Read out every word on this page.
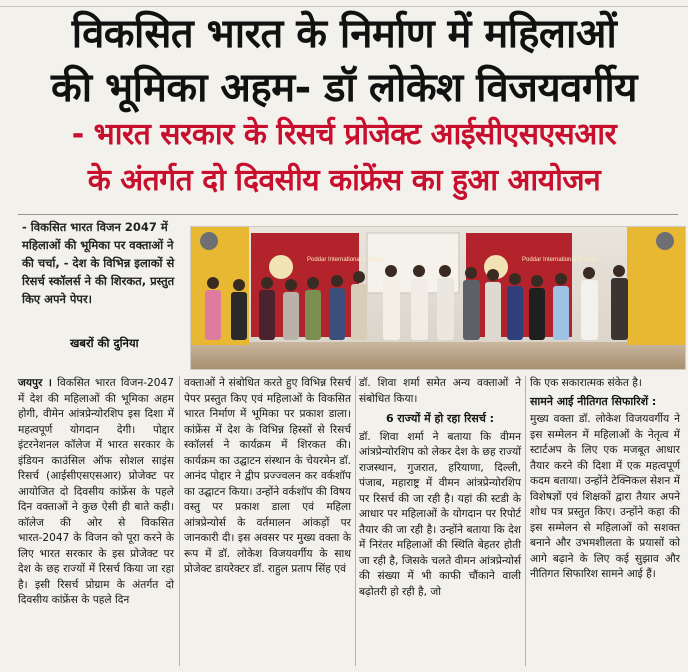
विकसित भारत के निर्माण में महिलाओं
की भूमिका अहम- डॉ लोकेश विजयवर्गीय
- भारत सरकार के रिसर्च प्रोजेक्ट आईसीएसएसआर
के अंतर्गत दो दिवसीय कांफ्रेंस का हुआ आयोजन

- विकसित भारत विजन 2047 में महिलाओं की भूमिका पर वक्ताओं ने की चर्चा, - देश के विभिन्न इलाकों से रिसर्च स्कॉलर्स ने की शिरकत, प्रस्तुत किए अपने पेपर।

खबरों की दुनिया
Poddar International College	Poddar International College

जयपुर । विकसित भारत विजन-2047 में देश की महिलाओं की भूमिका अहम होगी, वीमेन आंत्रप्रेन्योरशिप इस दिशा में महत्वपूर्ण योगदान देगी। पोद्दार इंटरनेशनल कॉलेज में भारत सरकार के इंडियन काउंसिल ऑफ सोशल साइंस रिसर्च (आईसीएसएसआर) प्रोजेक्ट पर आयोजित दो दिवसीय कांफ्रेंस के पहले दिन वक्ताओं ने कुछ ऐसी ही बाते कही। कॉलेज की ओर से विकसित भारत-2047 के विजन को पूरा करने के लिए भारत सरकार के इस प्रोजेक्ट पर देश के छह राज्यों में रिसर्च किया जा रहा है। इसी रिसर्च प्रोग्राम के अंतर्गत दो दिवसीय कांफ्रेंस के पहले दिन

वक्ताओं ने संबोधित करते हुए विभिन्न रिसर्च पेपर प्रस्तुत किए एवं महिलाओं के विकसित भारत निर्माण में भूमिका पर प्रकाश डाला। कांफ्रेंस में देश के विभिन्न हिस्सों से रिसर्च स्कॉलर्स ने कार्यक्रम में शिरकत की। कार्यक्रम का उद्घाटन संस्थान के चेयरमेन डॉ. आनंद पोद्दार ने द्वीप प्रज्ज्वलन कर वर्कशॉप का उद्घाटन किया। उन्होंने वर्कशॉप की विषय वस्तु पर प्रकाश डाला एवं महिला आंत्रप्रेन्योर्स के वर्तमालन आंकड़ों पर जानकारी दी। इस अवसर पर मुख्य वक्ता के रूप में डॉ. लोकेश विजयवर्गीय के साथ प्रोजेक्ट डायरेक्टर डॉ. राहुल प्रताप सिंह एवं

डॉ. शिवा शर्मा समेत अन्य वक्ताओं ने संबोधित किया।

6 राज्यों में हो रहा रिसर्च :

डॉ. शिवा शर्मा ने बताया कि वीमन आंत्रप्रेन्योरशिप को लेकर देश के छह राज्यों राजस्थान, गुजरात, हरियाणा, दिल्ली, पंजाब, महाराष्ट्र में वीमन आंत्रप्रेन्योरशिप पर रिसर्च की जा रही है। यहां की स्टडी के आधार पर महिलाओं के योगदान पर रिपोर्ट तैयार की जा रही है। उन्होंने बताया कि देश में निरंतर महिलाओं की स्थिति बेहतर होती जा रही है, जिसके चलते वीमन आंत्रप्रेन्योर्स की संख्या में भी काफी चौंकाने वाली बढ़ोतरी हो रही है, जो

कि एक सकारात्मक संकेत है।

सामने आई नीतिगत सिफारिशें :

मुख्य वक्ता डॉ. लोकेश विजयवर्गीय ने इस सम्मेलन में महिलाओं के नेतृत्व में स्टार्टअप के लिए एक मजबूत आधार तैयार करने की दिशा में एक महत्वपूर्ण कदम बताया। उन्होंने टेक्निकल सेशन में विशेषज्ञों एवं शिक्षकों द्वारा तैयार अपने शोध पत्र प्रस्तुत किए। उन्होंने कहा की इस सम्मेलन से महिलाओं को सशक्त बनाने और उभमशीलता के प्रयासों को आगे बढ़ाने के लिए कई सुझाव और नीतिगत सिफारिश सामने आई हैं।
